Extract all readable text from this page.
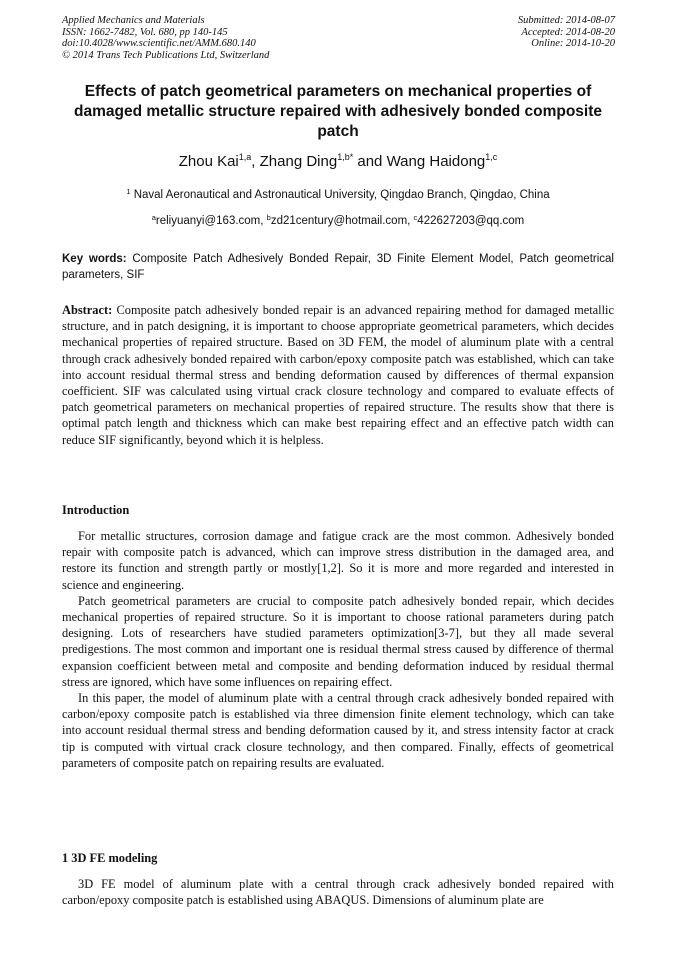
Applied Mechanics and Materials
ISSN: 1662-7482, Vol. 680, pp 140-145
doi:10.4028/www.scientific.net/AMM.680.140
© 2014 Trans Tech Publications Ltd, Switzerland
Submitted: 2014-08-07
Accepted: 2014-08-20
Online: 2014-10-20
Effects of patch geometrical parameters on mechanical properties of damaged metallic structure repaired with adhesively bonded composite patch
Zhou Kai$^{1,a}$, Zhang Ding$^{1,b*}$ and Wang Haidong$^{1,c}$
$^1$ Naval Aeronautical and Astronautical University, Qingdao Branch, Qingdao, China
$^a$reliyuanyi@163.com, $^b$zd21century@hotmail.com, $^c$422627203@qq.com
Key words: Composite Patch Adhesively Bonded Repair, 3D Finite Element Model, Patch geometrical parameters, SIF
Abstract: Composite patch adhesively bonded repair is an advanced repairing method for damaged metallic structure, and in patch designing, it is important to choose appropriate geometrical parameters, which decides mechanical properties of repaired structure. Based on 3D FEM, the model of aluminum plate with a central through crack adhesively bonded repaired with carbon/epoxy composite patch was established, which can take into account residual thermal stress and bending deformation caused by differences of thermal expansion coefficient. SIF was calculated using virtual crack closure technology and compared to evaluate effects of patch geometrical parameters on mechanical properties of repaired structure. The results show that there is optimal patch length and thickness which can make best repairing effect and an effective patch width can reduce SIF significantly, beyond which it is helpless.
Introduction

For metallic structures, corrosion damage and fatigue crack are the most common. Adhesively bonded repair with composite patch is advanced, which can improve stress distribution in the damaged area, and restore its function and strength partly or mostly[1,2]. So it is more and more regarded and interested in science and engineering.

Patch geometrical parameters are crucial to composite patch adhesively bonded repair, which decides mechanical properties of repaired structure. So it is important to choose rational parameters during patch designing. Lots of researchers have studied parameters optimization[3-7], but they all made several predigestions. The most common and important one is residual thermal stress caused by difference of thermal expansion coefficient between metal and composite and bending deformation induced by residual thermal stress are ignored, which have some influences on repairing effect.

In this paper, the model of aluminum plate with a central through crack adhesively bonded repaired with carbon/epoxy composite patch is established via three dimension finite element technology, which can take into account residual thermal stress and bending deformation caused by it, and stress intensity factor at crack tip is computed with virtual crack closure technology, and then compared. Finally, effects of geometrical parameters of composite patch on repairing results are evaluated.

1 3D FE modeling

3D FE model of aluminum plate with a central through crack adhesively bonded repaired with carbon/epoxy composite patch is established using ABAQUS. Dimensions of aluminum plate are
